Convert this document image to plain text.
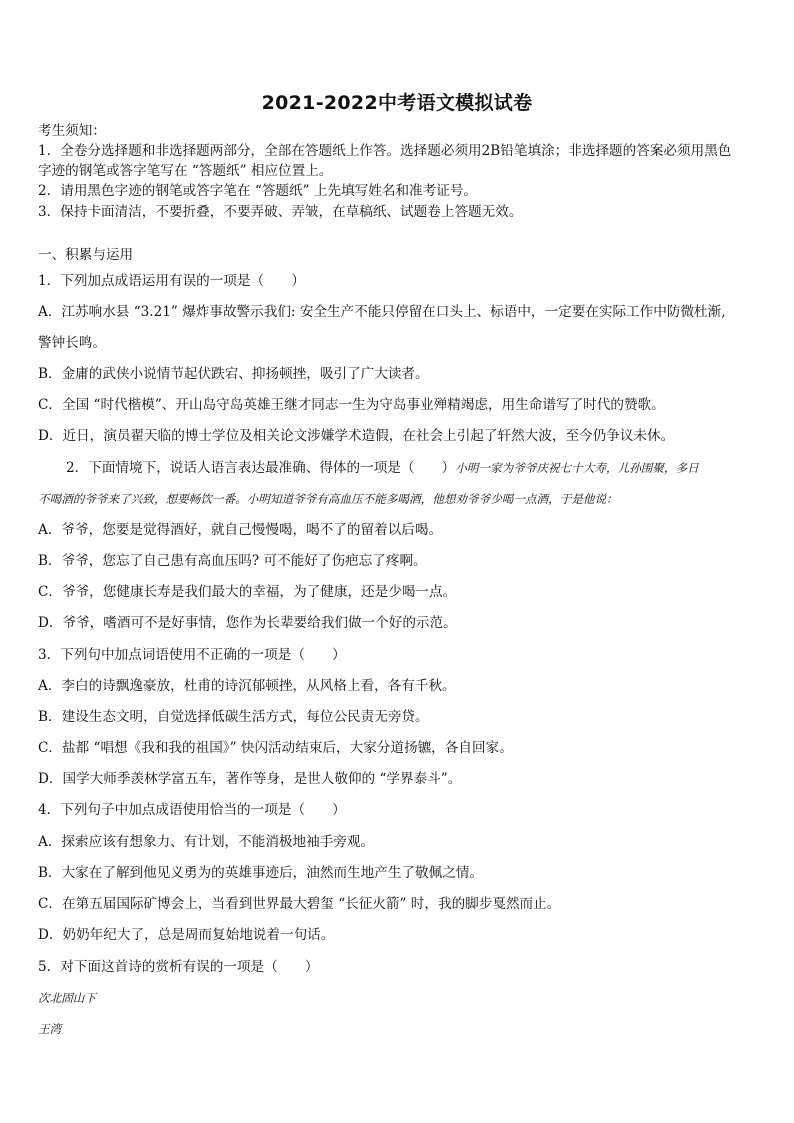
2021-2022中考语文模拟试卷
考生须知：
1．全卷分选择题和非选择题两部分，全部在答题纸上作答。选择题必须用2B铅笔填涂；非选择题的答案必须用黑色
字迹的钢笔或答字笔写在 “答题纸” 相应位置上。
2．请用黑色字迹的钢笔或答字笔在 “答题纸” 上先填写姓名和准考证号。
3．保持卡面清洁，不要折叠，不要弄破、弄皱，在草稿纸、试题卷上答题无效。
一、积累与运用
1．下列加点成语运用有误的一项是（　　）
A．江苏响水县 “3.21” 爆炸事故警示我们: 安全生产不能只停留在口头上、标语中，一定要在实际工作中防微杜渐,
警钟长鸣。
B．金庸的武侠小说情节起伏跌宕、抑扬顿挫，吸引了广大读者。
C．全国 “时代楷模”、开山岛守岛英雄王继才同志一生为守岛事业殚精竭虑，用生命谱写了时代的赞歌。
D．近日，演员翟天临的博士学位及相关论文涉嫌学术造假，在社会上引起了轩然大波，至今仍争议未休。
2．下面情境下，说话人语言表达最准确、得体的一项是（　　）小明一家为爷爷庆祝七十大寿，儿孙围聚，多日
不喝酒的爷爷来了兴致，想要畅饮一番。小明知道爷爷有高血压不能多喝酒，他想劝爷爷少喝一点酒，于是他说：
A．爷爷，您要是觉得酒好，就自己慢慢喝，喝不了的留着以后喝。
B．爷爷，您忘了自己患有高血压吗? 可不能好了伤疤忘了疼啊。
C．爷爷，您健康长寿是我们最大的幸福，为了健康，还是少喝一点。
D．爷爷，嗜酒可不是好事情，您作为长辈要给我们做一个好的示范。
3．下列句中加点词语使用不正确的一项是（　　）
A．李白的诗飘逸豪放，杜甫的诗沉郁顿挫，从风格上看，各有千秋。
B．建设生态文明，自觉选择低碳生活方式，每位公民责无旁贷。
C．盐都 “唱想《我和我的祖国》” 快闪活动结束后，大家分道扬镳，各自回家。
D．国学大师季羡林学富五车，著作等身，是世人敬仰的 “学界泰斗”。
4．下列句子中加点成语使用恰当的一项是（　　）
A．探索应该有想象力、有计划，不能消极地袖手旁观。
B．大家在了解到他见义勇为的英雄事迹后，油然而生地产生了敬佩之情。
C．在第五届国际矿博会上，当看到世界最大碧玺 “长征火箭” 时，我的脚步戛然而止。
D．奶奶年纪大了，总是周而复始地说着一句话。
5．对下面这首诗的赏析有误的一项是（　　）
次北固山下
王湾
